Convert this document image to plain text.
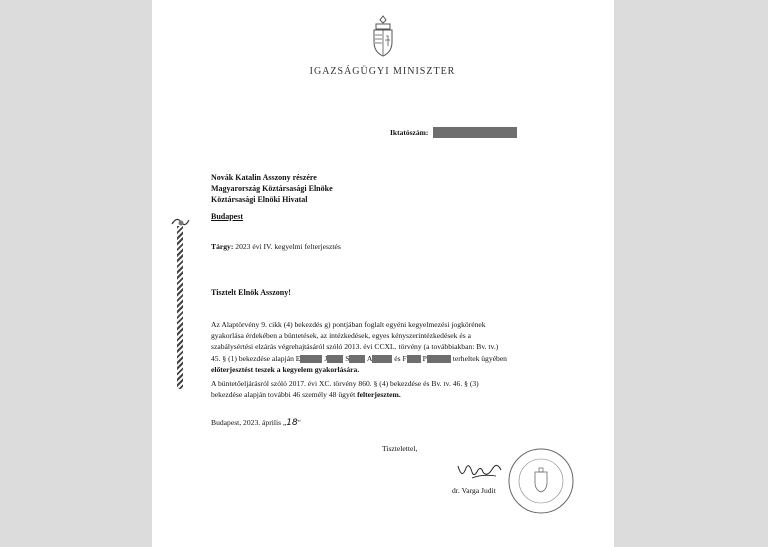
IGAZSÁGÜGYI MINISZTER
Iktatószám:
Novák Katalin Asszony részére
Magyarország Köztársasági Elnöke
Köztársasági Elnöki Hivatal
Budapest
Tárgy: 2023 évi IV. kegyelmi felterjesztés
Tisztelt Elnök Asszony!
Az Alaptörvény 9. cikk (4) bekezdés g) pontjában foglalt egyéni kegyelmezési jogkörének
gyakorlása érdekében a büntetések, az intézkedések, egyes kényszerintézkedések és a
szabálysértési elzárás végrehajtásáról szóló 2013. évi CCXL. törvény (a továbbiakban: Bv. tv.)
45. § (1) bekezdése alapján E	J S A	és F P	terheltek ügyében
előterjesztést teszek a kegyelem gyakorlására.
A büntetőeljárásról szóló 2017. évi XC. törvény 860. § (4) bekezdése és Bv. tv. 46. § (3)
bekezdése alapján további 46 személy 48 ügyét felterjesztem.
Budapest, 2023. április „18"
Tisztelettel,
dr. Varga Judit
